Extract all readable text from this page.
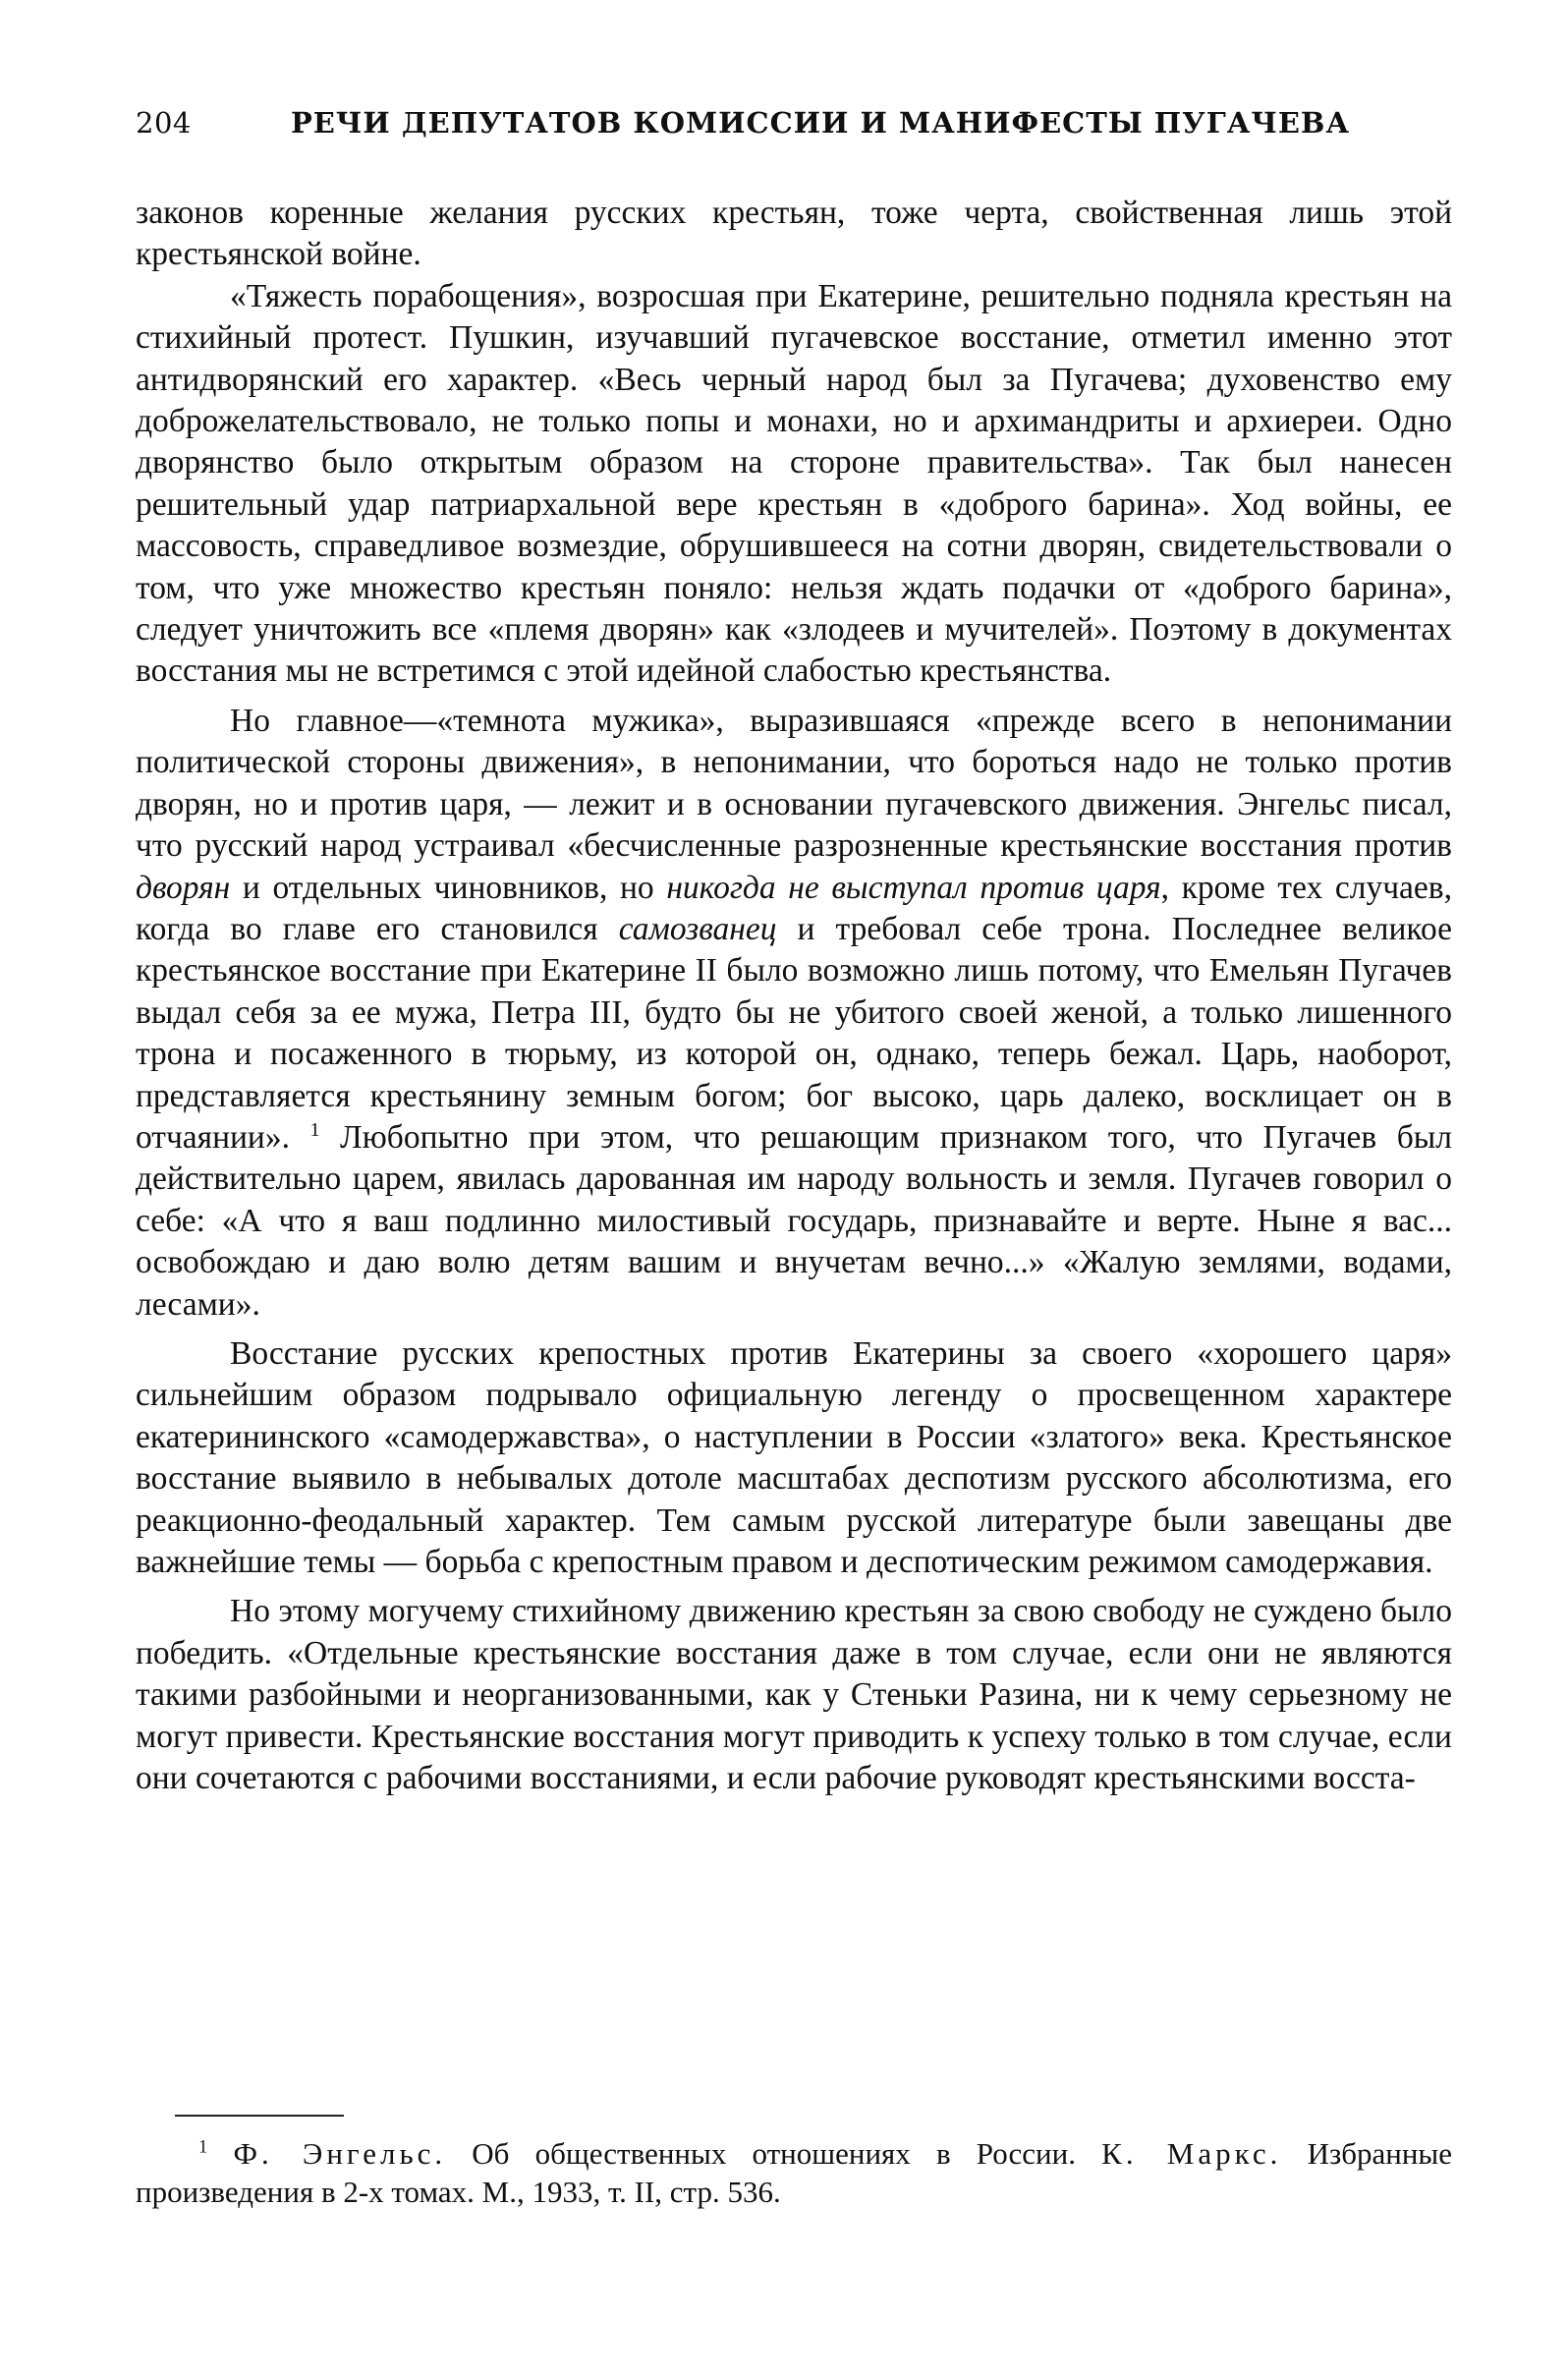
204	РЕЧИ ДЕПУТАТОВ КОМИССИИ И МАНИФЕСТЫ ПУГАЧЕВА

законов коренные желания русских крестьян, тоже черта, свойственная лишь этой крестьянской войне.

«Тяжесть порабощения», возросшая при Екатерине, решительно подняла крестьян на стихийный протест. Пушкин, изучавший пугачевское восстание, отметил именно этот антидворянский его характер. «Весь черный народ был за Пугачева; духовенство ему доброжелательствовало, не только попы и монахи, но и архимандриты и архиереи. Одно дворянство было открытым образом на стороне правительства». Так был нанесен решительный удар патриархальной вере крестьян в «доброго барина». Ход войны, ее массовость, справедливое возмездие, обрушившееся на сотни дворян, свидетельствовали о том, что уже множество крестьян поняло: нельзя ждать подачки от «доброго барина», следует уничтожить все «племя дворян» как «злодеев и мучителей». Поэтому в документах восстания мы не встретимся с этой идейной слабостью крестьянства.

Но главное—«темнота мужика», выразившаяся «прежде всего в непонимании политической стороны движения», в непонимании, что бороться надо не только против дворян, но и против царя, — лежит и в основании пугачевского движения. Энгельс писал, что русский народ устраивал «бесчисленные разрозненные крестьянские восстания против дворян и отдельных чиновников, но никогда не выступал против царя, кроме тех случаев, когда во главе его становился самозванец и требовал себе трона. Последнее великое крестьянское восстание при Екатерине II было возможно лишь потому, что Емельян Пугачев выдал себя за ее мужа, Петра III, будто бы не убитого своей женой, а только лишенного трона и посаженного в тюрьму, из которой он, однако, теперь бежал. Царь, наоборот, представляется крестьянину земным богом; бог высоко, царь далеко, восклицает он в отчаянии». $^1$ Любопытно при этом, что решающим признаком того, что Пугачев был действительно царем, явилась дарованная им народу вольность и земля. Пугачев говорил о себе: «А что я ваш подлинно милостивый государь, признавайте и верте. Ныне я вас... освобождаю и даю волю детям вашим и внучетам вечно...» «Жалую землями, водами, лесами».

Восстание русских крепостных против Екатерины за своего «хорошего царя» сильнейшим образом подрывало официальную легенду о просвещенном характере екатерининского «самодержавства», о наступлении в России «златого» века. Крестьянское восстание выявило в небывалых дотоле масштабах деспотизм русского абсолютизма, его реакционно-феодальный характер. Тем самым русской литературе были завещаны две важнейшие темы — борьба с крепостным правом и деспотическим режимом самодержавия.

Но этому могучему стихийному движению крестьян за свою свободу не суждено было победить. «Отдельные крестьянские восстания даже в том случае, если они не являются такими разбойными и неорганизованными, как у Стеньки Разина, ни к чему серьезному не могут привести. Крестьянские восстания могут приводить к успеху только в том случае, если они сочетаются с рабочими восстаниями, и если рабочие руководят крестьянскими восста-

$^1$ Ф. Энгельс. Об общественных отношениях в России. К. Маркс. Избранные произведения в 2-х томах. М., 1933, т. II, стр. 536.
